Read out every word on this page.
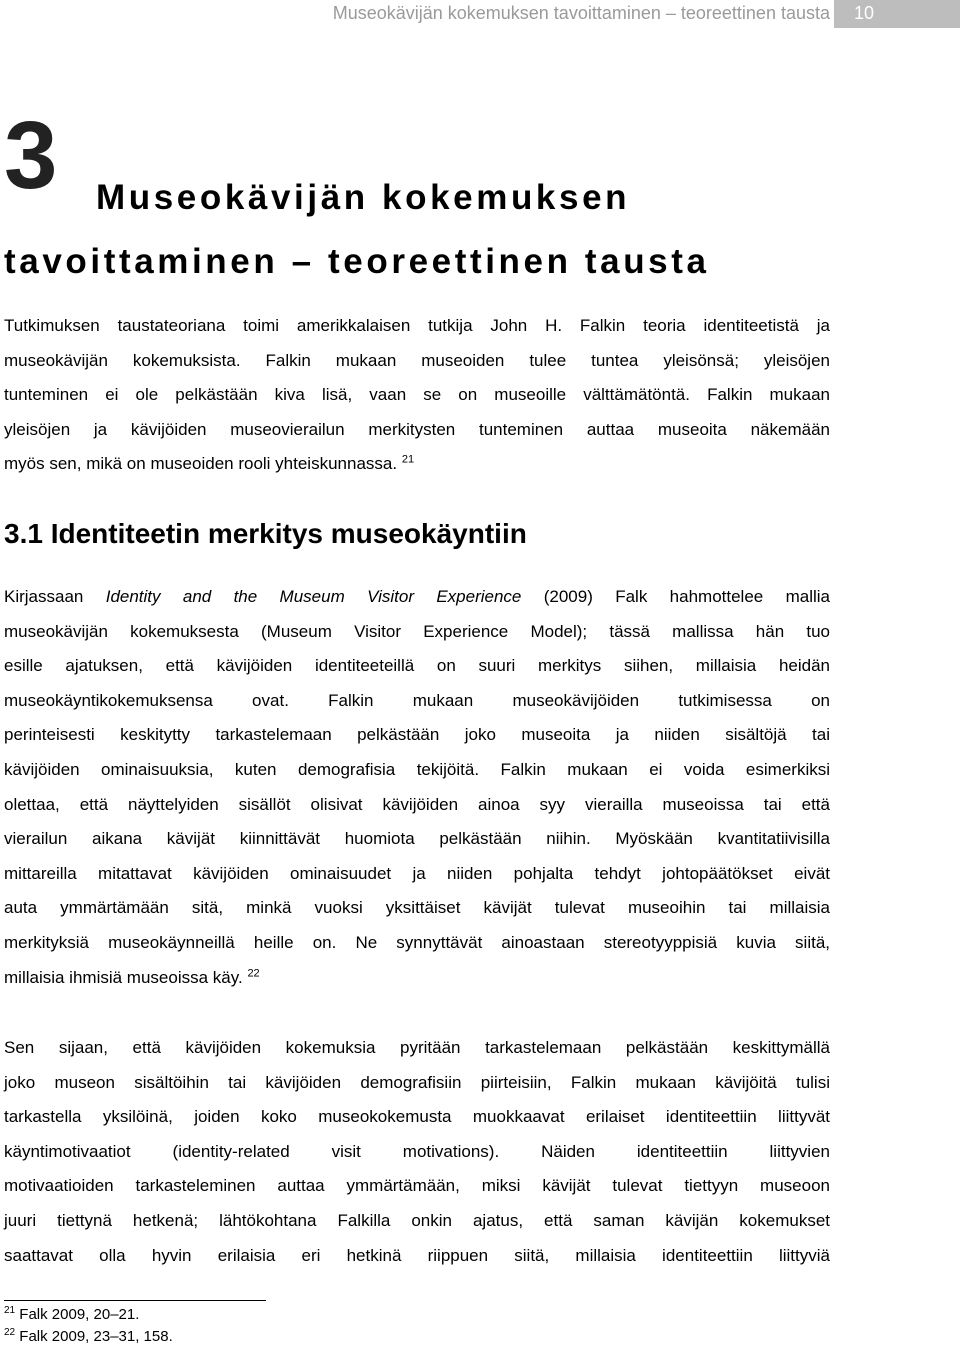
Museokävijän kokemuksen tavoittaminen – teoreettinen tausta 10
3 Museokävijän kokemuksen
tavoittaminen – teoreettinen tausta
Tutkimuksen taustateoriana toimi amerikkalaisen tutkija John H. Falkin teoria identiteetistä ja
museokävijän kokemuksista. Falkin mukaan museoiden tulee tuntea yleisönsä; yleisöjen
tunteminen ei ole pelkästään kiva lisä, vaan se on museoille välttämätöntä. Falkin mukaan
yleisöjen ja kävijöiden museovierailun merkitysten tunteminen auttaa museoita näkemään
myös sen, mikä on museoiden rooli yhteiskunnassa. $^{21}$
3.1 Identiteetin merkitys museokäyntiin
Kirjassaan Identity and the Museum Visitor Experience (2009) Falk hahmottelee mallia
museokävijän kokemuksesta (Museum Visitor Experience Model); tässä mallissa hän tuo
esille ajatuksen, että kävijöiden identiteeteillä on suuri merkitys siihen, millaisia heidän
museokäyntikokemuksensa ovat. Falkin mukaan museokävijöiden tutkimisessa on
perinteisesti keskitytty tarkastelemaan pelkästään joko museoita ja niiden sisältöjä tai
kävijöiden ominaisuuksia, kuten demografisia tekijöitä. Falkin mukaan ei voida esimerkiksi
olettaa, että näyttelyiden sisällöt olisivat kävijöiden ainoa syy vierailla museoissa tai että
vierailun aikana kävijät kiinnittävät huomiota pelkästään niihin. Myöskään kvantitatiivisilla
mittareilla mitattavat kävijöiden ominaisuudet ja niiden pohjalta tehdyt johtopäätökset eivät
auta ymmärtämään sitä, minkä vuoksi yksittäiset kävijät tulevat museoihin tai millaisia
merkityksiä museokäynneillä heille on. Ne synnyttävät ainoastaan stereotyyppisiä kuvia siitä,
millaisia ihmisiä museoissa käy. $^{22}$
Sen sijaan, että kävijöiden kokemuksia pyritään tarkastelemaan pelkästään keskittymällä
joko museon sisältöihin tai kävijöiden demografisiin piirteisiin, Falkin mukaan kävijöitä tulisi
tarkastella yksilöinä, joiden koko museokokemusta muokkaavat erilaiset identiteettiin liittyvät
käyntimotivaatiot (identity-related visit motivations). Näiden identiteettiin liittyvien
motivaatioiden tarkasteleminen auttaa ymmärtämään, miksi kävijät tulevat tiettyyn museoon
juuri tiettynä hetkenä; lähtökohtana Falkilla onkin ajatus, että saman kävijän kokemukset
saattavat olla hyvin erilaisia eri hetkinä riippuen siitä, millaisia identiteettiin liittyviä
$^{21}$ Falk 2009, 20–21.
$^{22}$ Falk 2009, 23–31, 158.
